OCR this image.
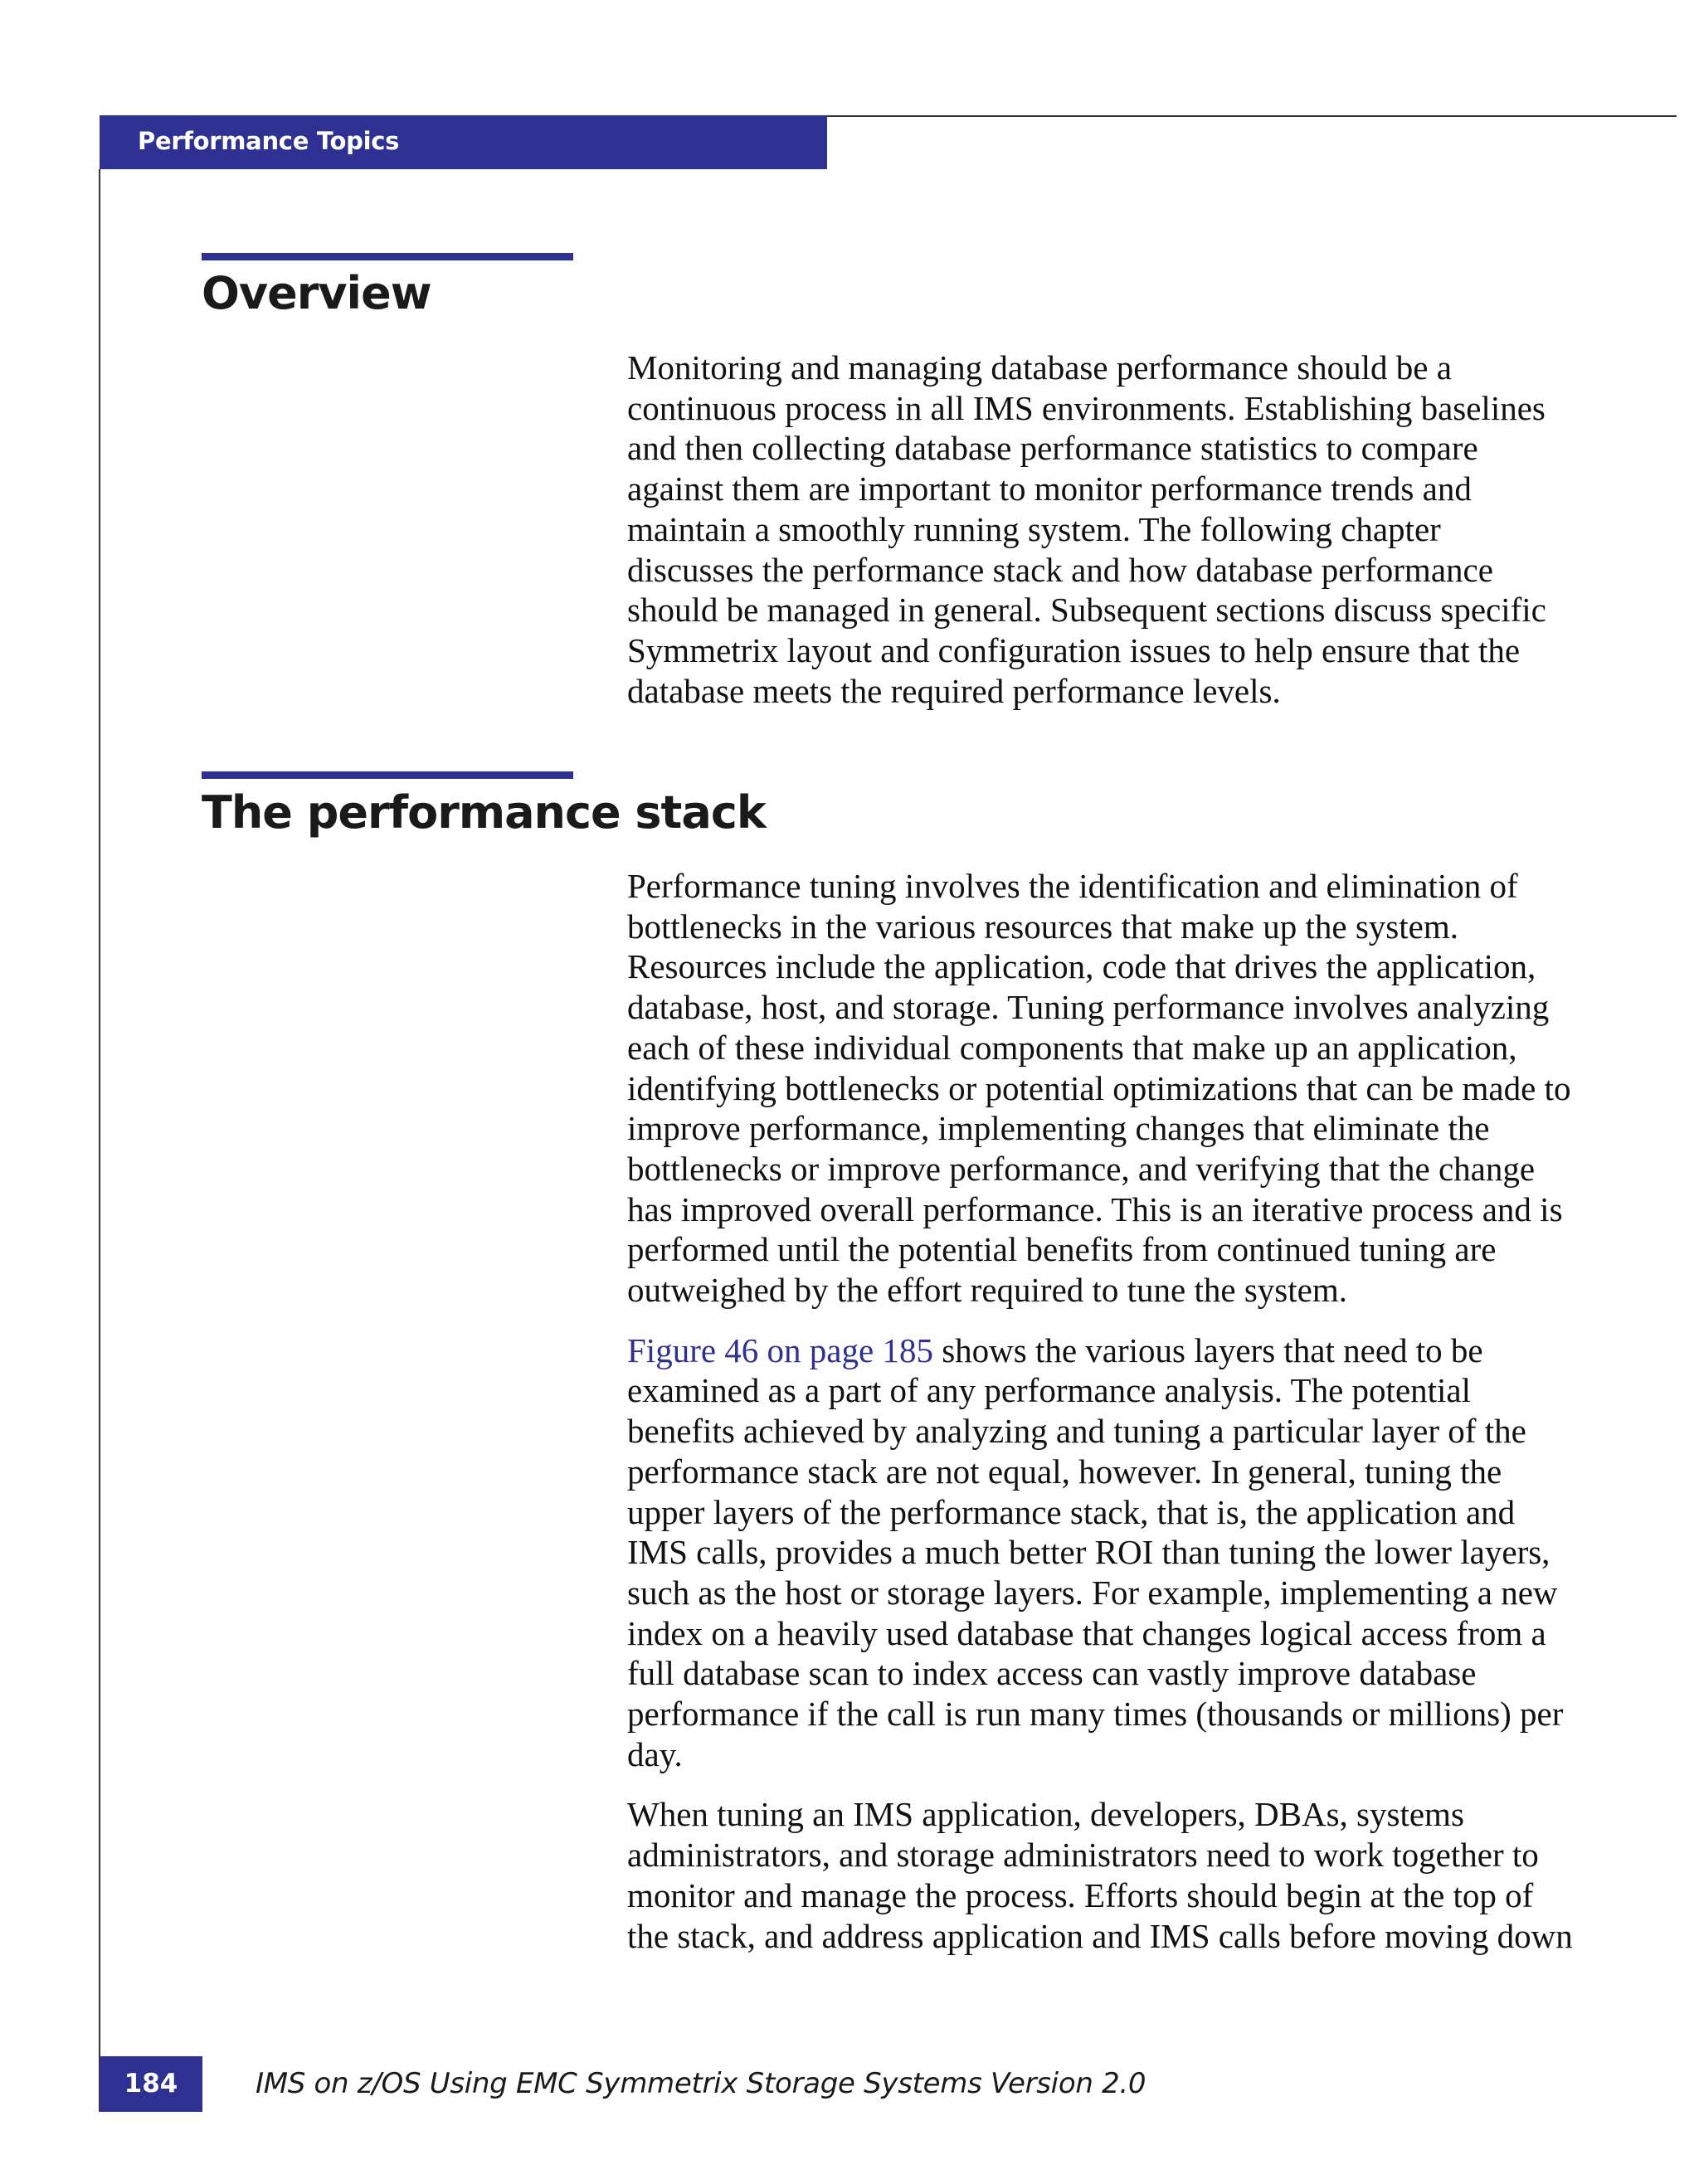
Performance Topics
Overview

Monitoring and managing database performance should be a
continuous process in all IMS environments. Establishing baselines
and then collecting database performance statistics to compare
against them are important to monitor performance trends and
maintain a smoothly running system. The following chapter
discusses the performance stack and how database performance
should be managed in general. Subsequent sections discuss specific
Symmetrix layout and configuration issues to help ensure that the
database meets the required performance levels.

The performance stack

Performance tuning involves the identification and elimination of
bottlenecks in the various resources that make up the system.
Resources include the application, code that drives the application,
database, host, and storage. Tuning performance involves analyzing
each of these individual components that make up an application,
identifying bottlenecks or potential optimizations that can be made to
improve performance, implementing changes that eliminate the
bottlenecks or improve performance, and verifying that the change
has improved overall performance. This is an iterative process and is
performed until the potential benefits from continued tuning are
outweighed by the effort required to tune the system.

Figure 46 on page 185 shows the various layers that need to be
examined as a part of any performance analysis. The potential
benefits achieved by analyzing and tuning a particular layer of the
performance stack are not equal, however. In general, tuning the
upper layers of the performance stack, that is, the application and
IMS calls, provides a much better ROI than tuning the lower layers,
such as the host or storage layers. For example, implementing a new
index on a heavily used database that changes logical access from a
full database scan to index access can vastly improve database
performance if the call is run many times (thousands or millions) per
day.

When tuning an IMS application, developers, DBAs, systems
administrators, and storage administrators need to work together to
monitor and manage the process. Efforts should begin at the top of
the stack, and address application and IMS calls before moving down

184	IMS on z/OS Using EMC Symmetrix Storage Systems Version 2.0
